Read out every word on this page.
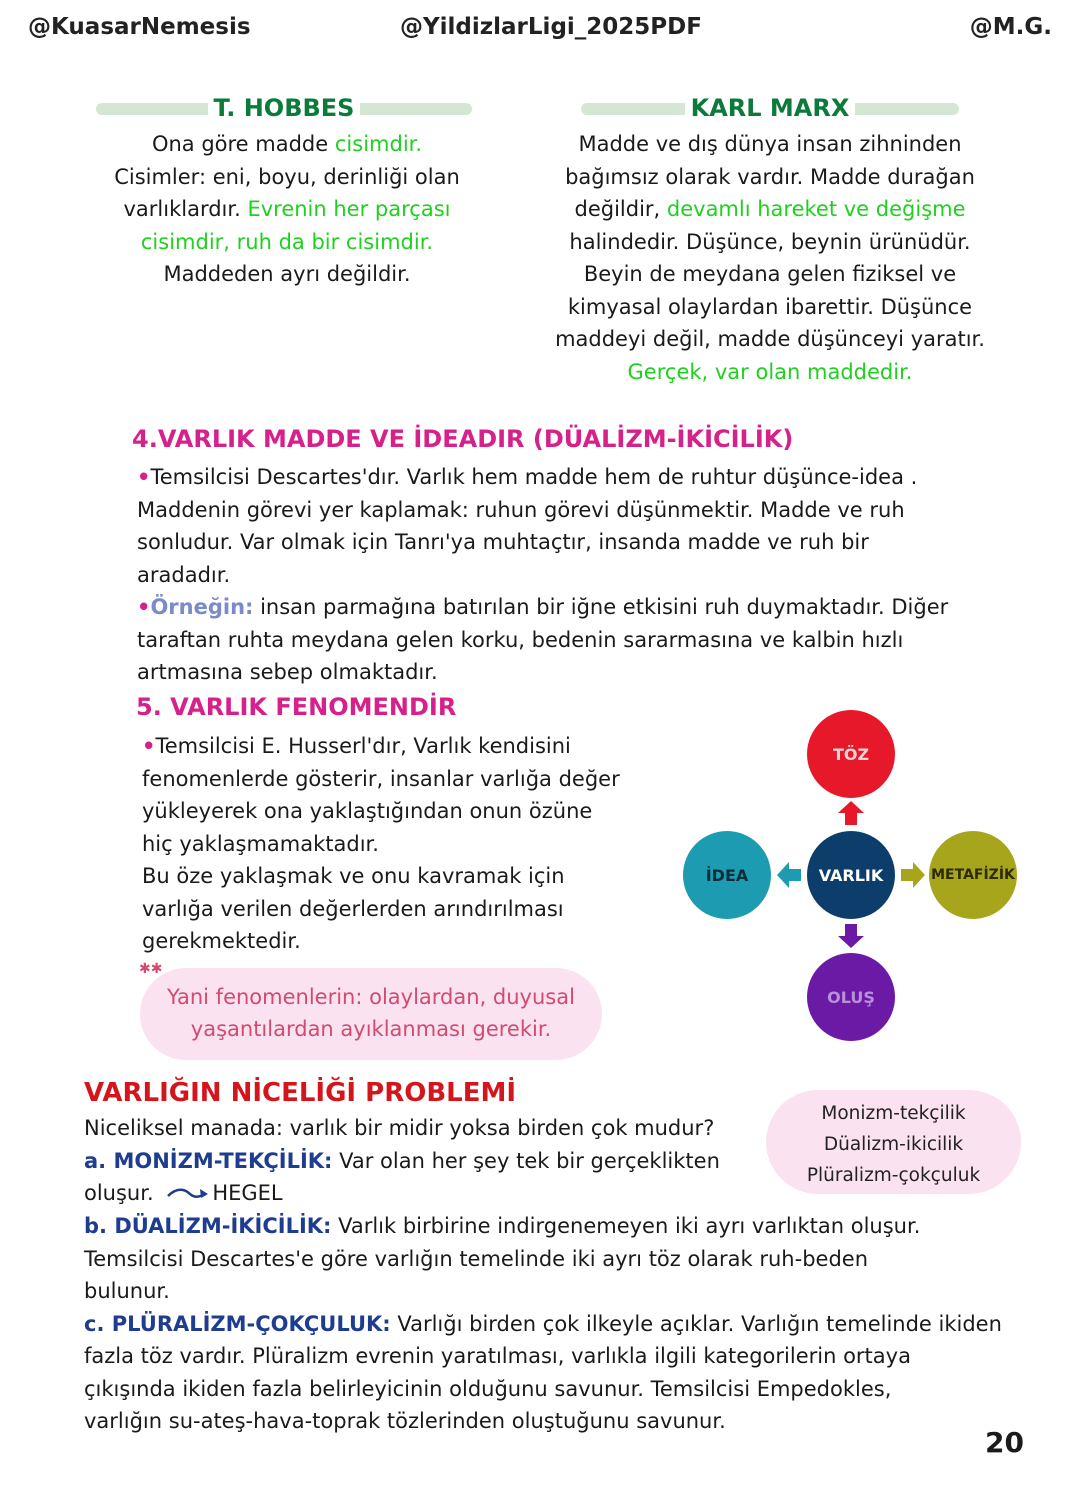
@KuasarNemesis	@YildizlarLigi_2025PDF	@M.G.
T. HOBBES
Ona göre madde cisimdir.
Cisimler: eni, boyu, derinliği olan
varlıklardır. Evrenin her parçası
cisimdir, ruh da bir cisimdir.
Maddeden ayrı değildir.
KARL MARX
Madde ve dış dünya insan zihninden
bağımsız olarak vardır. Madde durağan
değildir, devamlı hareket ve değişme
halindedir. Düşünce, beynin ürünüdür.
Beyin de meydana gelen fiziksel ve
kimyasal olaylardan ibarettir. Düşünce
maddeyi değil, madde düşünceyi yaratır.
Gerçek, var olan maddedir.
4.VARLIK MADDE VE İDEADIR (DÜALİZM-İKİCİLİK)
•Temsilcisi Descartes'dır. Varlık hem madde hem de ruhtur düşünce-idea .
Maddenin görevi yer kaplamak: ruhun görevi düşünmektir. Madde ve ruh
sonludur. Var olmak için Tanrı'ya muhtaçtır, insanda madde ve ruh bir
aradadır.
•Örneğin: insan parmağına batırılan bir iğne etkisini ruh duymaktadır. Diğer
taraftan ruhta meydana gelen korku, bedenin sararmasına ve kalbin hızlı
artmasına sebep olmaktadır.
5. VARLIK FENOMENDİR
•Temsilcisi E. Husserl'dır, Varlık kendisini
fenomenlerde gösterir, insanlar varlığa değer
yükleyerek ona yaklaştığından onun özüne
hiç yaklaşmamaktadır.
Bu öze yaklaşmak ve onu kavramak için
varlığa verilen değerlerden arındırılması
gerekmektedir.
✱✱
Yani fenomenlerin: olaylardan, duyusal
yaşantılardan ayıklanması gerekir.
TÖZ
İDEA	VARLIK	METAFİZİK
OLUŞ
VARLIĞIN NİCELİĞİ PROBLEMİ
Monizm-tekçilik
Düalizm-ikicilik
Plüralizm-çokçuluk
Niceliksel manada: varlık bir midir yoksa birden çok mudur?
a. MONİZM-TEKÇİLİK: Var olan her şey tek bir gerçeklikten
oluşur.	HEGEL
b. DÜALİZM-İKİCİLİK: Varlık birbirine indirgenemeyen iki ayrı varlıktan oluşur.
Temsilcisi Descartes'e göre varlığın temelinde iki ayrı töz olarak ruh-beden
bulunur.
c. PLÜRALİZM-ÇOKÇULUK: Varlığı birden çok ilkeyle açıklar. Varlığın temelinde ikiden
fazla töz vardır. Plüralizm evrenin yaratılması, varlıkla ilgili kategorilerin ortaya
çıkışında ikiden fazla belirleyicinin olduğunu savunur. Temsilcisi Empedokles,
varlığın su-ateş-hava-toprak tözlerinden oluştuğunu savunur.
20
